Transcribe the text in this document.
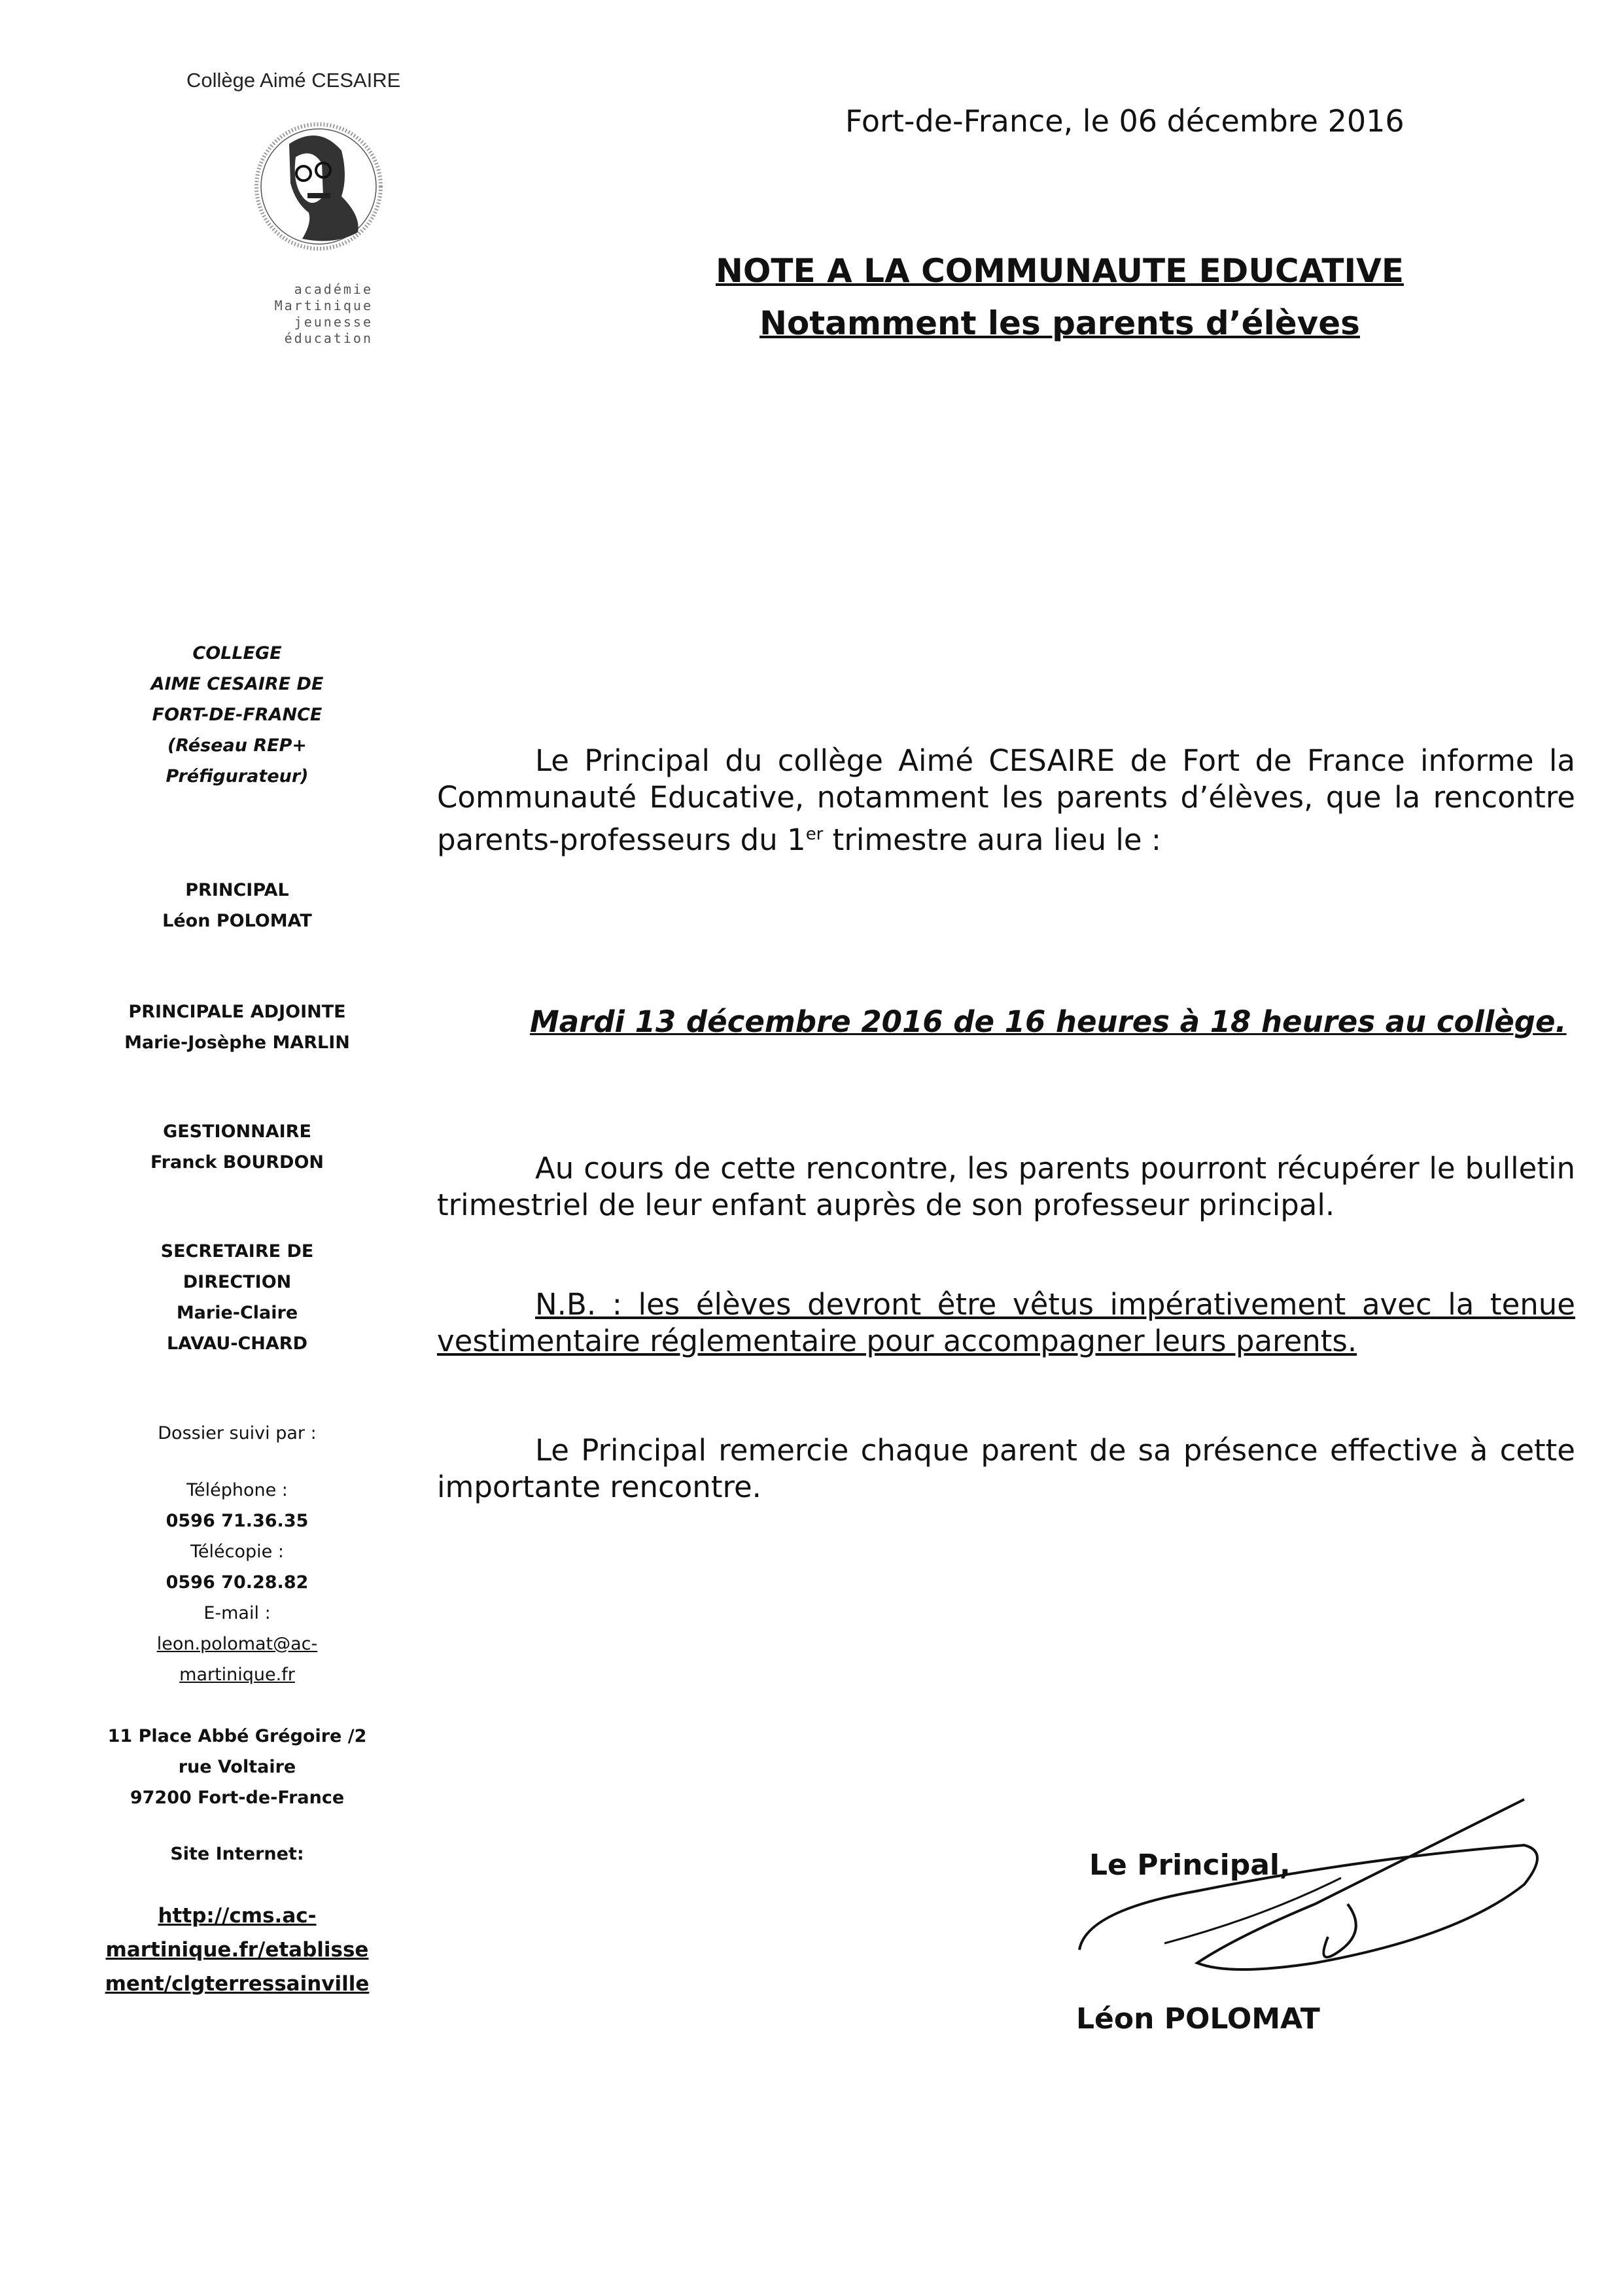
Collège Aimé CESAIRE
académie
Martinique
jeunesse
éducation
Fort-de-France, le 06 décembre 2016
NOTE A LA COMMUNAUTE EDUCATIVE
Notamment les parents d’élèves
COLLEGE
AIME CESAIRE DE
FORT-DE-FRANCE
(Réseau REP+
Préfigurateur)
PRINCIPAL
Léon POLOMAT
PRINCIPALE ADJOINTE
Marie-Josèphe MARLIN
GESTIONNAIRE
Franck BOURDON
SECRETAIRE DE
DIRECTION
Marie-Claire
LAVAU-CHARD
Dossier suivi par :
Téléphone :
0596 71.36.35
Télécopie :
0596 70.28.82
E-mail :
leon.polomat@ac-
martinique.fr
11 Place Abbé Grégoire /2
rue Voltaire
97200 Fort-de-France
Site Internet:
http://cms.ac-
martinique.fr/etablisse
ment/clgterressainville
Le Principal du collège Aimé CESAIRE de Fort de France informe la Communauté Educative, notamment les parents d’élèves, que la rencontre parents-professeurs du 1er trimestre aura lieu le :
Mardi 13 décembre 2016 de 16 heures à 18 heures au collège.
Au cours de cette rencontre, les parents pourront récupérer le bulletin trimestriel de leur enfant auprès de son professeur principal.
N.B. : les élèves devront être vêtus impérativement avec la tenue vestimentaire réglementaire pour accompagner leurs parents.
Le Principal remercie chaque parent de sa présence effective à cette importante rencontre.
Le Principal,
Léon POLOMAT
